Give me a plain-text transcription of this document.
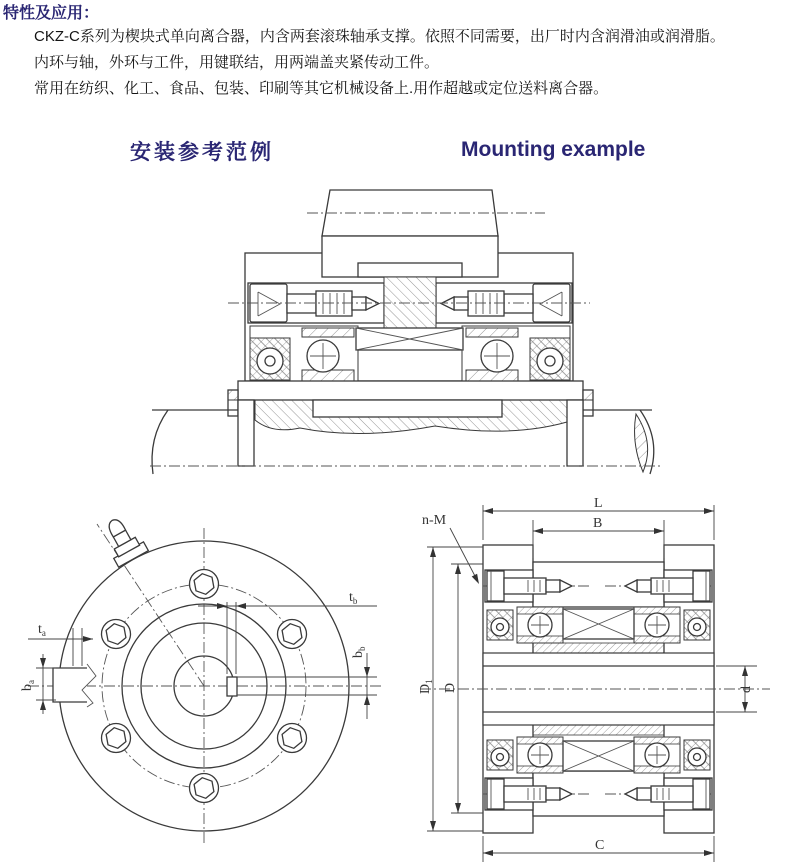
特性及应用：
CKZ-C系列为楔块式单向离合器，内含两套滚珠轴承支撑。依照不同需要，出厂时内含润滑油或润滑脂。
内环与轴，外环与工件，用键联结，用两端盖夹紧传动工件。
常用在纺织、化工、食品、包装、印刷等其它机械设备上.用作超越或定位送料离合器。
安装参考范例	Mounting example
$t_a$
$b_a$
$t_b$
$b_b$
L
B
n-M
$D_1$
D	d
C
